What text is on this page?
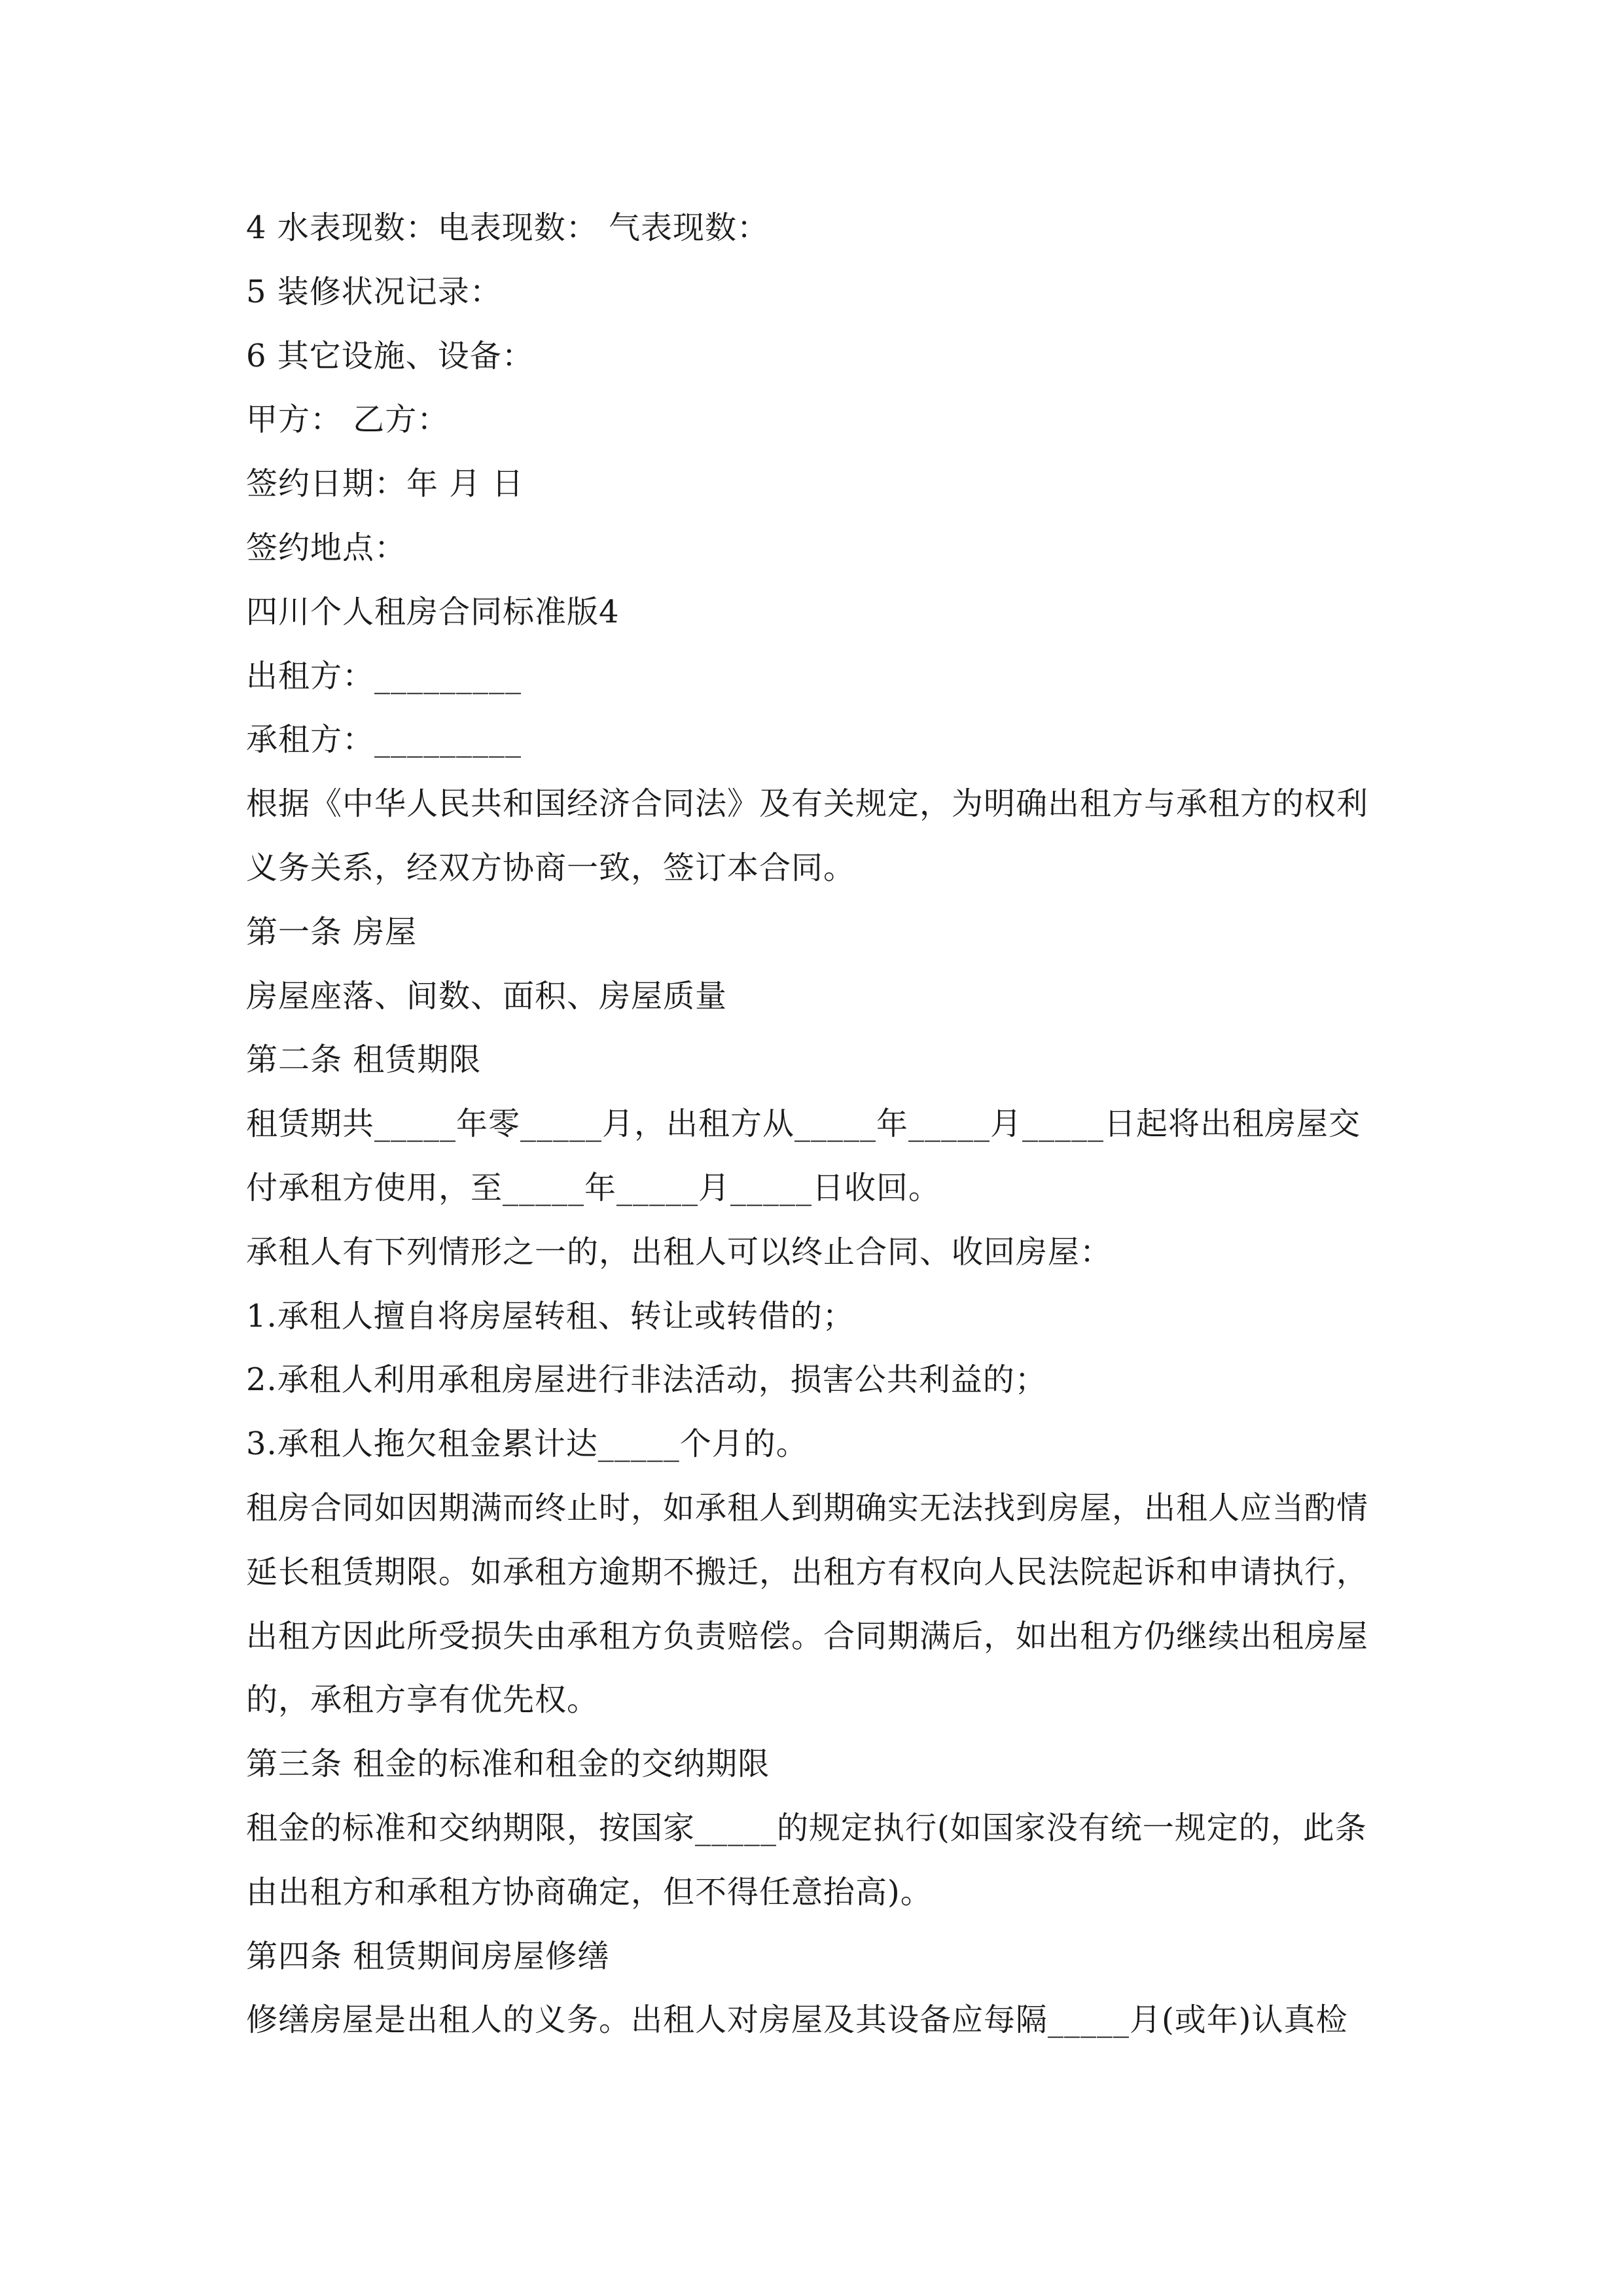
4 水表现数：电表现数： 气表现数：
5 装修状况记录：
6 其它设施、设备：
甲方： 乙方：
签约日期：年 月 日
签约地点：
四川个人租房合同标准版4
出租方：_________
承租方：_________
根据《中华人民共和国经济合同法》及有关规定，为明确出租方与承租方的权利
义务关系，经双方协商一致，签订本合同。
第一条 房屋
房屋座落、间数、面积、房屋质量
第二条 租赁期限
租赁期共_____年零_____月，出租方从_____年_____月_____日起将出租房屋交
付承租方使用，至_____年_____月_____日收回。
承租人有下列情形之一的，出租人可以终止合同、收回房屋：
1.承租人擅自将房屋转租、转让或转借的；
2.承租人利用承租房屋进行非法活动，损害公共利益的；
3.承租人拖欠租金累计达_____个月的。
租房合同如因期满而终止时，如承租人到期确实无法找到房屋，出租人应当酌情
延长租赁期限。如承租方逾期不搬迁，出租方有权向人民法院起诉和申请执行，
出租方因此所受损失由承租方负责赔偿。合同期满后，如出租方仍继续出租房屋
的，承租方享有优先权。
第三条 租金的标准和租金的交纳期限
租金的标准和交纳期限，按国家_____的规定执行(如国家没有统一规定的，此条
由出租方和承租方协商确定，但不得任意抬高)。
第四条 租赁期间房屋修缮
修缮房屋是出租人的义务。出租人对房屋及其设备应每隔_____月(或年)认真检
